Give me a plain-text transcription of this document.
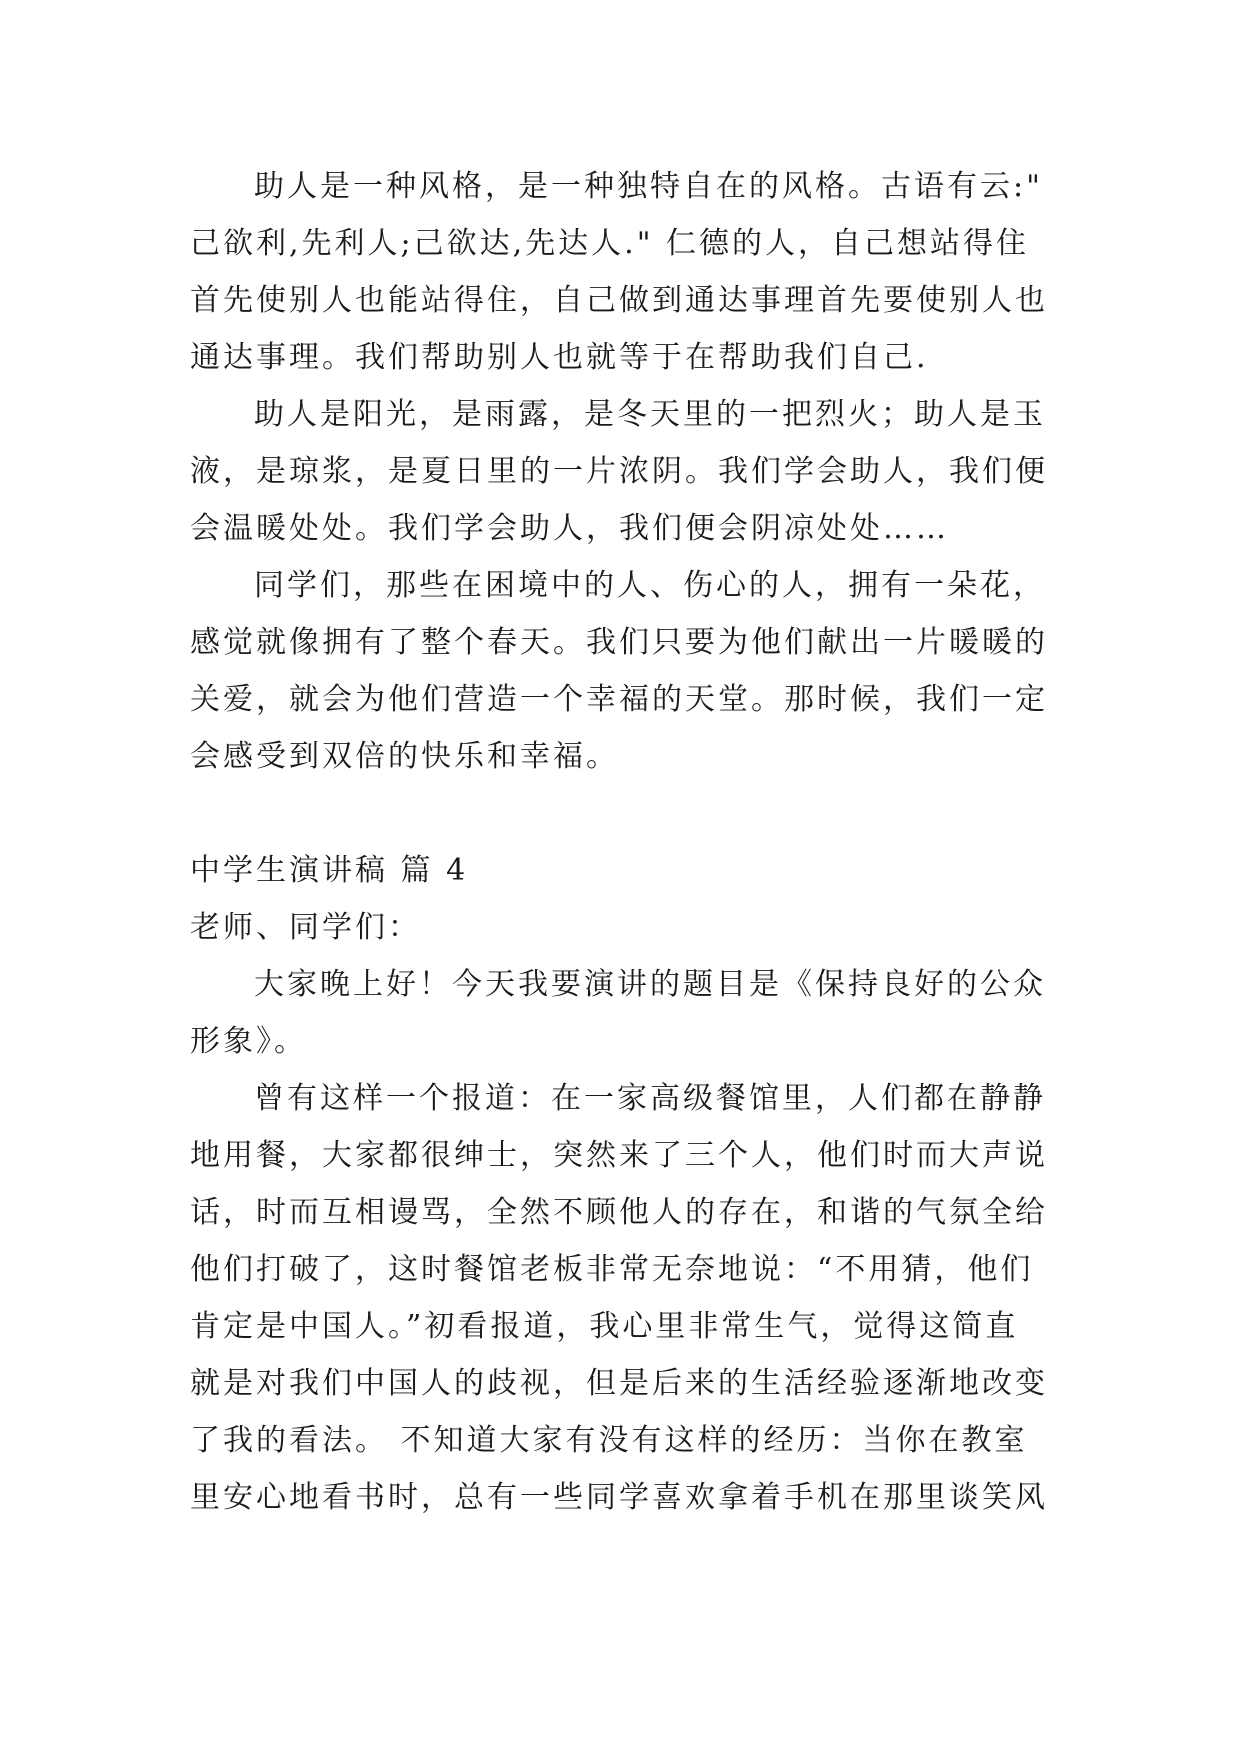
助人是一种风格，是一种独特自在的风格。古语有云:"
己欲利,先利人;己欲达,先达人." 仁德的人，自己想站得住
首先使别人也能站得住，自己做到通达事理首先要使别人也
通达事理。我们帮助别人也就等于在帮助我们自己.
助人是阳光，是雨露，是冬天里的一把烈火；助人是玉
液，是琼浆，是夏日里的一片浓阴。我们学会助人，我们便
会温暖处处。我们学会助人，我们便会阴凉处处……
同学们，那些在困境中的人、伤心的人，拥有一朵花，
感觉就像拥有了整个春天。我们只要为他们献出一片暖暖的
关爱，就会为他们营造一个幸福的天堂。那时候，我们一定
会感受到双倍的快乐和幸福。
中学生演讲稿 篇 4
老师、同学们：
大家晚上好！今天我要演讲的题目是《保持良好的公众
形象》。
曾有这样一个报道：在一家高级餐馆里，人们都在静静
地用餐，大家都很绅士，突然来了三个人，他们时而大声说
话，时而互相谩骂，全然不顾他人的存在，和谐的气氛全给
他们打破了，这时餐馆老板非常无奈地说：“不用猜，他们
肯定是中国人。”初看报道，我心里非常生气，觉得这简直
就是对我们中国人的歧视，但是后来的生活经验逐渐地改变
了我的看法。 不知道大家有没有这样的经历：当你在教室
里安心地看书时，总有一些同学喜欢拿着手机在那里谈笑风
